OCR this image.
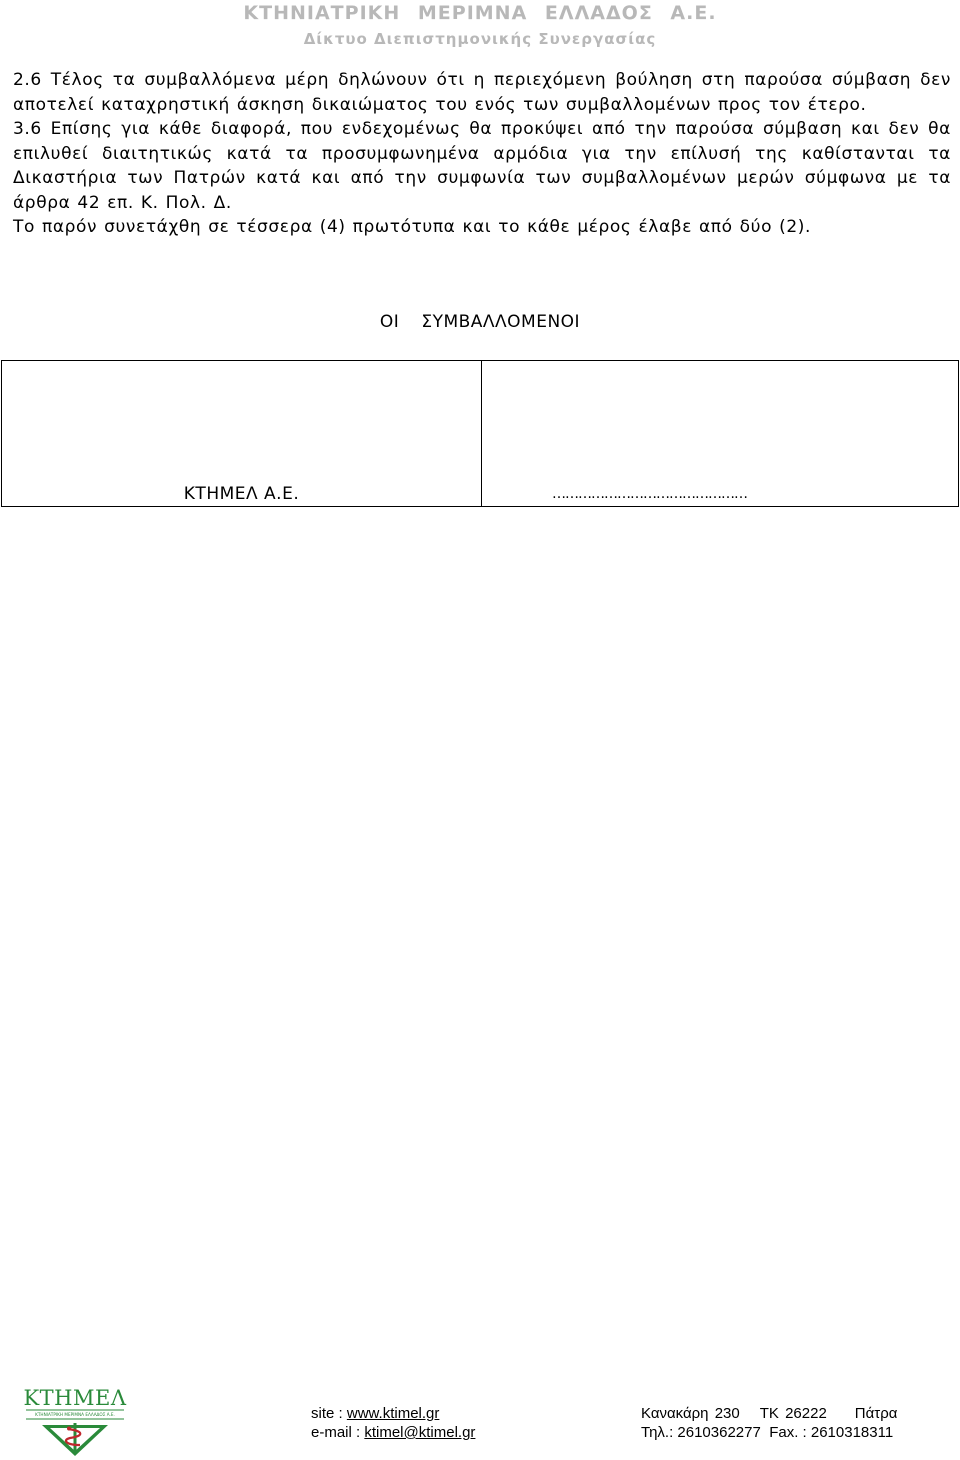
ΚΤΗΝΙΑΤΡΙΚΗ ΜΕΡΙΜΝΑ ΕΛΛΑΔΟΣ Α.Ε.
Δίκτυο Διεπιστημονικής Συνεργασίας

2.6 Τέλος τα συμβαλλόμενα μέρη δηλώνουν ότι η περιεχόμενη βούληση στη παρούσα σύμβαση δεν αποτελεί καταχρηστική άσκηση δικαιώματος του ενός των συμβαλλομένων προς τον έτερο.

3.6 Επίσης για κάθε διαφορά, που ενδεχομένως θα προκύψει από την παρούσα σύμβαση και δεν θα επιλυθεί διαιτητικώς κατά τα προσυμφωνημένα αρμόδια για την επίλυσή της καθίστανται τα Δικαστήρια των Πατρών κατά και από την συμφωνία των συμβαλλομένων μερών σύμφωνα με τα άρθρα 42 επ. Κ. Πολ. Δ.

Το παρόν συνετάχθη σε τέσσερα (4) πρωτότυπα και το κάθε μέρος έλαβε από δύο (2).

ΟΙ ΣΥΜΒΑΛΛΟΜΕΝΟΙ
ΚΤΗΜΕΛ Α.Ε.	………………………………………
ΚΤΗΜΕΛ
ΚΤΗΝΙΑΤΡΙΚΗ ΜΕΡΙΜΝΑ ΕΛΛΑΔΟΣ Α.Ε.	site : www.ktimel.gr
e-mail : ktimel@ktimel.gr
Κανακάρη 230 ΤΚ 26222 Πάτρα
Τηλ.: 2610362277 Fax. : 2610318311
